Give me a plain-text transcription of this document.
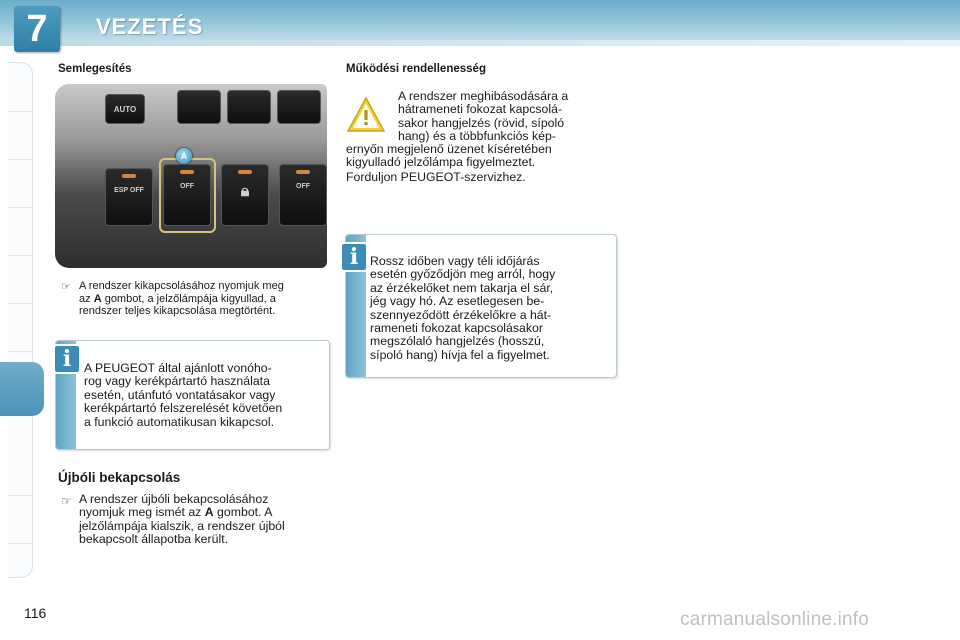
7	VEZETÉS
Semlegesítés
AUTO
ESP OFF
OFF	🔒︎	OFF
A
☞ A rendszer kikapcsolásához nyomjuk meg
az A gombot, a jelzőlámpája kigyullad, a
rendszer teljes kikapcsolása megtörtént.
A PEUGEOT által ajánlott vonóho-
rog vagy kerékpártartó használata
esetén, utánfutó vontatásakor vagy
kerékpártartó felszerelését követően
a funkció automatikusan kikapcsol.
i
Újbóli bekapcsolás
☞ A rendszer újbóli bekapcsolásához
nyomjuk meg ismét az A gombot. A
jelzőlámpája kialszik, a rendszer újból
bekapcsolt állapotba került.
Működési rendellenesség
A rendszer meghibásodására a
hátrameneti fokozat kapcsolá-
sakor hangjelzés (rövid, sípoló
hang) és a többfunkciós kép-
ernyőn megjelenő üzenet kíséretében
kigyulladó jelzőlámpa figyelmeztet.
Forduljon PEUGEOT-szervizhez.
Rossz időben vagy téli időjárás
esetén győződjön meg arról, hogy
az érzékelőket nem takarja el sár,
jég vagy hó. Az esetlegesen be-
szennyeződött érzékelőkre a hát-
rameneti fokozat kapcsolásakor
megszólaló hangjelzés (hosszú,
sípoló hang) hívja fel a figyelmet.
i
116	carmanualsonline.info
